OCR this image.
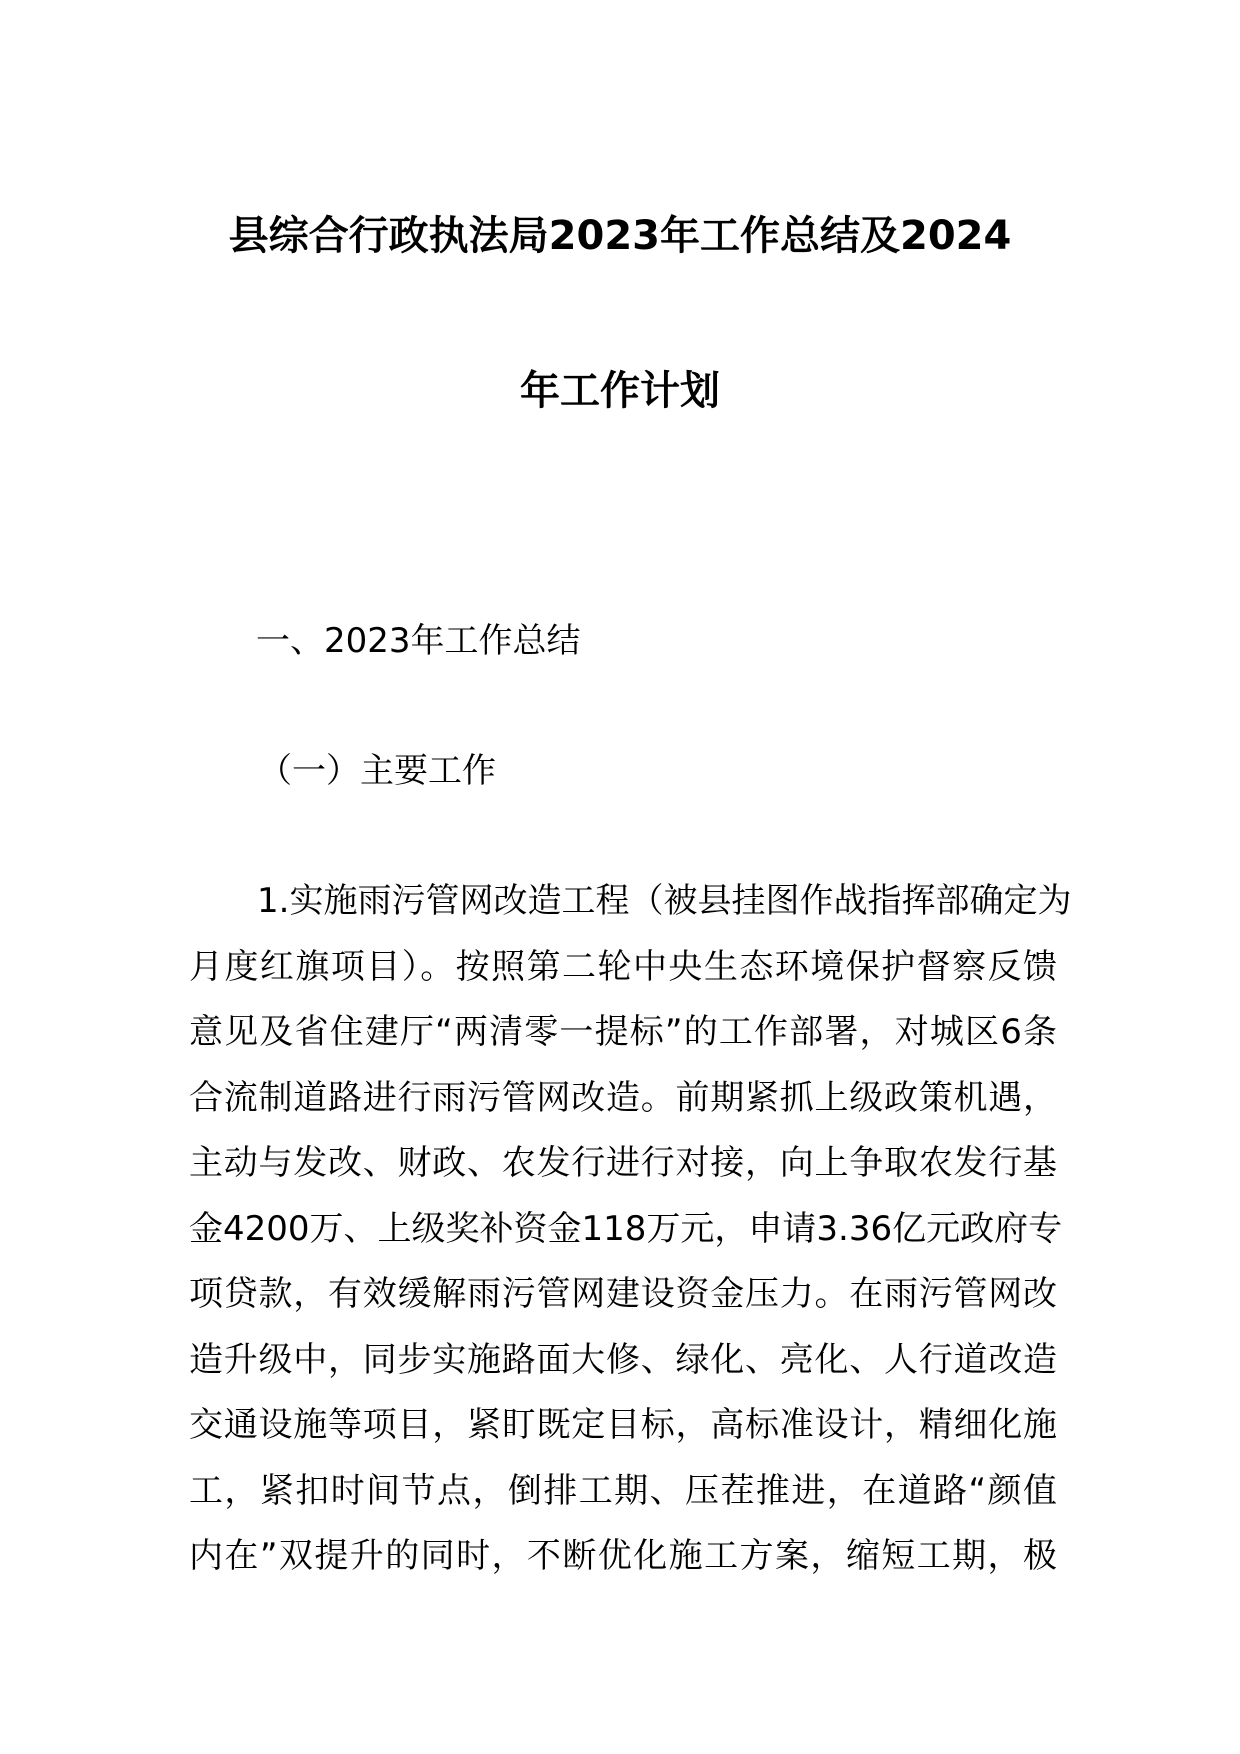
县综合行政执法局2023年工作总结及2024
年工作计划
一、2023年工作总结
（一）主要工作
1.实施雨污管网改造工程（被县挂图作战指挥部确定为
月度红旗项目）。按照第二轮中央生态环境保护督察反馈
意见及省住建厅“两清零一提标”的工作部署，对城区6条
合流制道路进行雨污管网改造。前期紧抓上级政策机遇，
主动与发改、财政、农发行进行对接，向上争取农发行基
金4200万、上级奖补资金118万元，申请3.36亿元政府专
项贷款，有效缓解雨污管网建设资金压力。在雨污管网改
造升级中，同步实施路面大修、绿化、亮化、人行道改造
交通设施等项目，紧盯既定目标，高标准设计，精细化施
工，紧扣时间节点，倒排工期、压茬推进，在道路“颜值
内在”双提升的同时，不断优化施工方案，缩短工期，极
